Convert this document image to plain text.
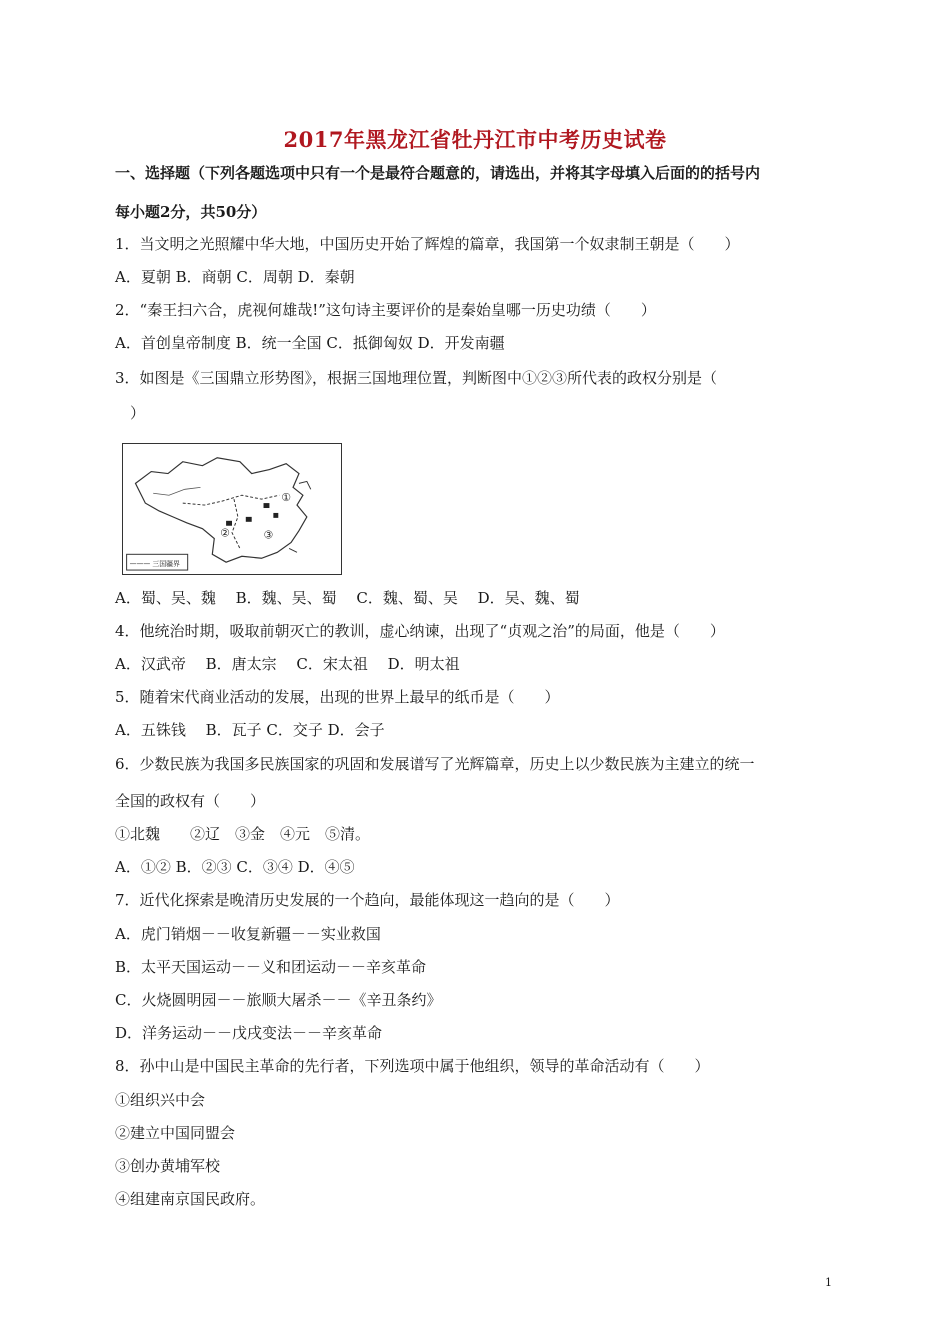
2017年黑龙江省牡丹江市中考历史试卷
一、选择题（下列各题选项中只有一个是最符合题意的，请选出，并将其字母填入后面的的括号内
每小题2分，共50分）
1．当文明之光照耀中华大地，中国历史开始了辉煌的篇章，我国第一个奴隶制王朝是（　　）
A．夏朝 B．商朝 C．周朝 D．秦朝
2．“秦王扫六合，虎视何雄哉!”这句诗主要评价的是秦始皇哪一历史功绩（　　）
A．首创皇帝制度 B．统一全国 C．抵御匈奴 D．开发南疆
3．如图是《三国鼎立形势图》，根据三国地理位置，判断图中①②③所代表的政权分别是（
　）
——— 三国疆界
①
②	③
A．蜀、吴、魏　 B．魏、吴、蜀　 C．魏、蜀、吴　 D．吴、魏、蜀
4．他统治时期，吸取前朝灭亡的教训，虚心纳谏，出现了“贞观之治”的局面，他是（　　）
A．汉武帝　 B．唐太宗　 C．宋太祖　 D．明太祖
5．随着宋代商业活动的发展，出现的世界上最早的纸币是（　　）
A．五铢钱　 B．瓦子 C．交子 D．会子
6．少数民族为我国多民族国家的巩固和发展谱写了光辉篇章，历史上以少数民族为主建立的统一
全国的政权有（　　）
①北魏　　②辽　③金　④元　⑤清。
A．①② B．②③ C．③④ D．④⑤
7．近代化探索是晚清历史发展的一个趋向，最能体现这一趋向的是（　　）
A．虎门销烟－－收复新疆－－实业救国
B．太平天国运动－－义和团运动－－辛亥革命
C．火烧圆明园－－旅顺大屠杀－－《辛丑条约》
D．洋务运动－－戊戌变法－－辛亥革命
8．孙中山是中国民主革命的先行者，下列选项中属于他组织，领导的革命活动有（　　）
①组织兴中会
②建立中国同盟会
③创办黄埔军校
④组建南京国民政府。
1
